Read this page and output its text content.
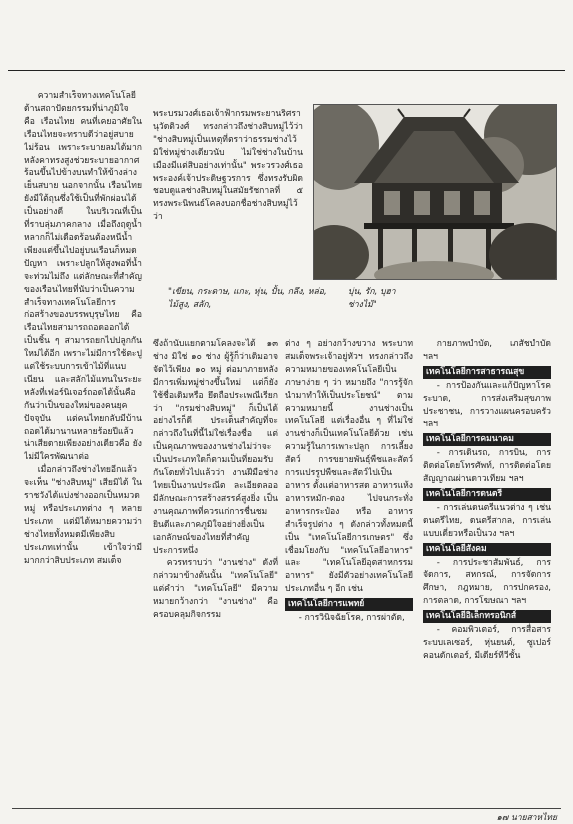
ความสำเร็จทางเทคโนโลยีด้านสถาปัตยกรรมที่น่าภูมิใจ คือ เรือนไทย คนที่เคยอาศัยในเรือนไทยจะทราบดีว่าอยู่สบาย ไม่ร้อน เพราะระบายลมได้มาก หลังคาทรงสูงช่วยระบายอากาศร้อนขึ้นไปข้างบนทำให้ข้างล่างเย็นสบาย นอกจากนั้น เรือนไทยยังมีใต้ถุนซึ่งใช้เป็นที่พักผ่อนได้เป็นอย่างดี ในบริเวณที่เป็นที่ราบลุ่มภาคกลาง เมื่อถึงฤดูน้ำหลากก็ไม่เดือดร้อนต้องหนีน้ำ เพียงแต่ขึ้นไปอยู่บนเรือนก็หมดปัญหา เพราะปลูกให้สูงพอที่น้ำจะท่วมไม่ถึง แต่ลักษณะที่สำคัญของเรือนไทยที่นับว่าเป็นความสำเร็จทางเทคโนโลยีการก่อสร้างของบรรพบุรุษไทย คือ เรือนไทยสามารถถอดออกได้เป็นชิ้น ๆ สามารถยกไปปลูกกันใหม่ได้อีก เพราะไม่มีการใช้ตะปู แต่ใช้ระบบการเข้าไม้ที่แนบเนียน และสลักไม้แทนในระยะหลังที่เฟอร์นิเจอร์ถอดได้นั้นคือกันว่าเป็นของใหม่ของคนยุคปัจจุบัน แต่คนไทยกลับมีบ้านถอดได้มานานหลายร้อยปีแล้ว น่าเสียดายเพียงอย่างเดียวคือ ยังไม่มีใครพัฒนาต่อ

เมื่อกล่าวถึงช่างไทยอีกแล้ว จะเห็น "ช่างสิบหมู่" เสียมิได้ ในราชวังได้แบ่งช่างออกเป็นหมวดหมู่ หรือประเภทต่าง ๆ หลายประเภท แต่มิได้หมายความว่าช่างไทยทั้งหมดมีเพียงสิบประเภทเท่านั้น เข้าใจว่ามีมากกว่าสิบประเภท สมเด็จ

พระบรมวงศ์เธอเจ้าฟ้ากรมพระยานริศรานุวัดติวงศ์ ทรงกล่าวถึงช่างสิบหมู่ไว้ว่า "ช่างสิบหมู่เป็นเหตุที่ตราว่าธรรมช่างไว้ มิใช่หมู่ช่างเดียวนับ ไม่ใช่ช่างในบ้านเมืองมีแต่สิบอย่างเท่านั้น" พระวรวงศ์เธอพระองค์เจ้าประดิษฐวรการ ซึ่งทรงรับผิดชอบดูแลช่างสิบหมู่ในสมัยรัชกาลที่ ๕ ทรงพระนิพนธ์โคลงบอกชื่อช่างสิบหมู่ไว้ว่า

"เขียน, กระดาษ, แกะ, หุ่น, ปั้น, กลึง, หล่อ, ไม้สูง, สลัก,
บุ่น, รัก, บุฮา ช่างไม้"

ซึ่งถ้านับแยกตามโคลงจะได้ ๑๓ ช่าง มิใช่ ๑๐ ช่าง ผู้รู้ก็ว่าเดิมอาจจัดไว้เพียง ๑๐ หมู่ ต่อมาภายหลังมีการเพิ่มหมู่ช่างขึ้นใหม่ แต่ก็ยังใช้ชื่อเดิมหรือ ยึดถือประเพณีเรียกว่า "กรมช่างสิบหมู่" ก็เป็นได้ อย่างไรก็ดี ประเด็นสำคัญที่จะกล่าวถึงในที่นี้ไม่ใช่เรื่องชื่อ แต่เป็นคุณภาพของงานช่างไม่ว่าจะเป็นประเภทใดก็ตามเป็นที่ยอมรับกันโดยทั่วไปแล้วว่า งานฝีมือช่างไทยเป็นงานประณีต ละเอียดลออ มีลักษณะการสร้างสรรค์สูงยิ่ง เป็นงานคุณภาพที่ควรแก่การชื่นชมยินดีและภาคภูมิใจอย่างยิ่งเป็นเอกลักษณ์ของไทยที่สำคัญประการหนึ่ง

ควรทราบว่า "งานช่าง" ดังที่กล่าวมาข้างต้นนั้น "เทคโนโลยี" แต่คำว่า "เทคโนโลยี" มีความหมายกว้างกว่า "งานช่าง" คือ ครอบคลุมกิจกรรม

ต่าง ๆ อย่างกว้างขวาง พระบาทสมเด็จพระเจ้าอยู่หัวฯ ทรงกล่าวถึงความหมายของเทคโนโลยีเป็นภาษาง่าย ๆ ว่า หมายถึง "การรู้จักนำมาทำให้เป็นประโยชน์" ตามความหมายนี้ งานช่างเป็นเทคโนโลยี แต่เรื่องอื่น ๆ ที่ไม่ใช่งานช่างก็เป็นเทคโนโลยีด้วย เช่น ความรู้ในการเพาะปลูก การเลี้ยงสัตว์ การขยายพันธุ์พืชและสัตว์ การแปรรูปพืชและสัตว์ไปเป็นอาหาร ตั้งแต่อาหารสด อาหารแห้ง อาหารหมัก-ดอง ไปจนกระทั่งอาหารกระป๋อง หรือ อาหารสำเร็จรูปต่าง ๆ ดังกล่าวทั้งหมดนี้ เป็น "เทคโนโลยีการเกษตร" ซึ่งเชื่อมโยงกับ "เทคโนโลยีอาหาร" และ "เทคโนโลยีอุตสาหกรรมอาหาร" ยังมีตัวอย่างเทคโนโลยีประเภทอื่น ๆ อีก เช่น

เทคโนโลยีการแพทย์

- การวินิจฉัยโรค, การผ่าตัด,

กายภาพบำบัด, เภสัชบำบัด ฯลฯ

เทคโนโลยีการสาธารณสุข

- การป้องกันและแก้ปัญหาโรคระบาด, การส่งเสริมสุขภาพประชาชน, การวางแผนครอบครัว ฯลฯ

เทคโนโลยีการคมนาคม

- การเดินรถ, การบิน, การติดต่อโดยโทรศัพท์, การติดต่อโดยสัญญาณผ่านดาวเทียม ฯลฯ

เทคโนโลยีการดนตรี

- การเล่นดนตรีแนวต่าง ๆ เช่น ดนตรีไทย, ดนตรีสากล, การเล่นแบบเดี่ยวหรือเป็นวง ฯลฯ

เทคโนโลยีสังคม

- การประชาสัมพันธ์, การจัดการ, สหกรณ์, การจัดการศึกษา, กฎหมาย, การปกครอง, การตลาด, การโฆษณา ฯลฯ

เทคโนโลยีอิเล็กทรอนิกส์

- คอมพิวเตอร์, การสื่อสารระบบเลเซอร์, หุ่นยนต์, ซูเปอร์คอนดักเตอร์, มีเดียร์ทีวีชั้น

๑๗ นายสาหไทย
